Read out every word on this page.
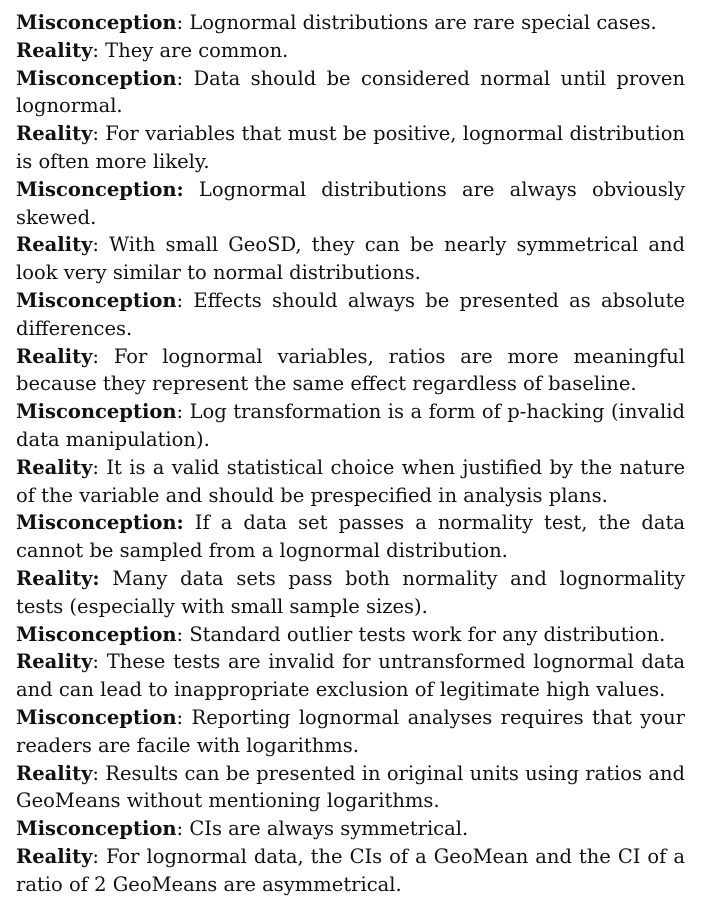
Misconception: Lognormal distributions are rare special cases.

Reality: They are common.

Misconception: Data should be considered normal until proven lognormal.

Reality: For variables that must be positive, lognormal distribution is often more likely.

Misconception: Lognormal distributions are always obviously skewed.

Reality: With small GeoSD, they can be nearly symmetrical and look very similar to normal distributions.

Misconception: Effects should always be presented as absolute differences.

Reality: For lognormal variables, ratios are more meaningful because they represent the same effect regardless of baseline.

Misconception: Log transformation is a form of p-hacking (invalid data manipulation).

Reality: It is a valid statistical choice when justified by the nature of the variable and should be prespecified in analysis plans.

Misconception: If a data set passes a normality test, the data cannot be sampled from a lognormal distribution.

Reality: Many data sets pass both normality and lognormality tests (especially with small sample sizes).

Misconception: Standard outlier tests work for any distribution.

Reality: These tests are invalid for untransformed lognormal data and can lead to inappropriate exclusion of legitimate high values.

Misconception: Reporting lognormal analyses requires that your readers are facile with logarithms.

Reality: Results can be presented in original units using ratios and GeoMeans without mentioning logarithms.

Misconception: CIs are always symmetrical.

Reality: For lognormal data, the CIs of a GeoMean and the CI of a ratio of 2 GeoMeans are asymmetrical.
